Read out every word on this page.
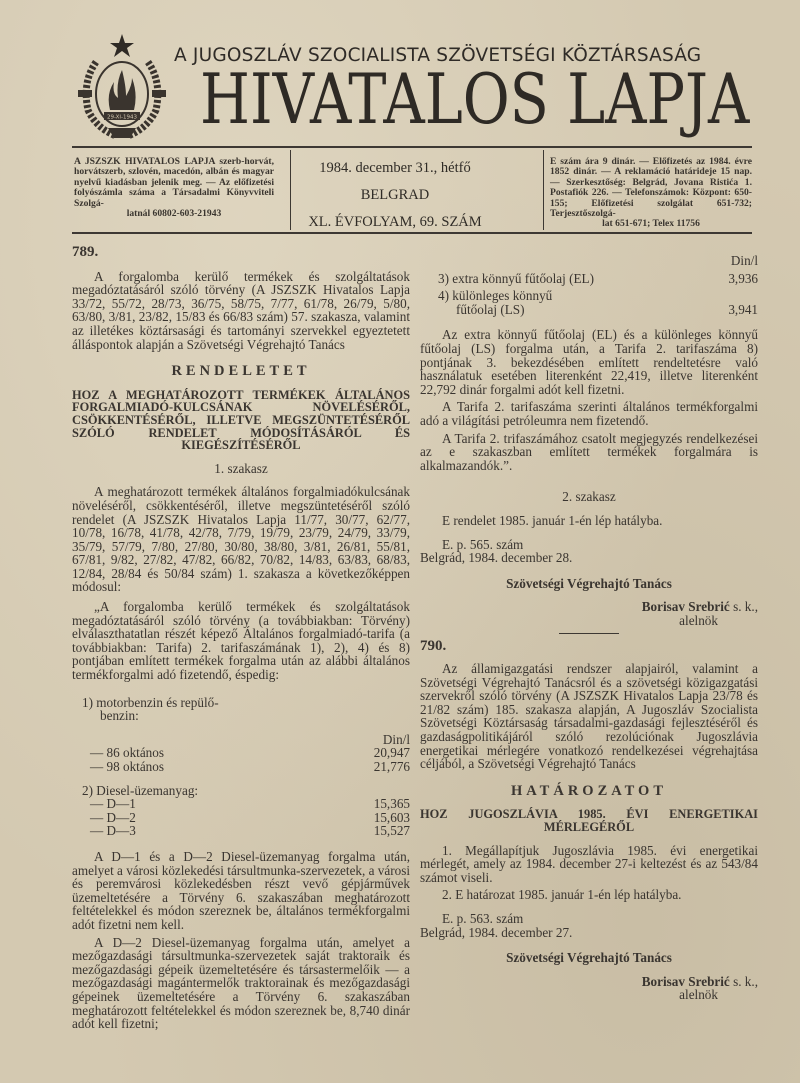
29-XI-1943
A JUGOSZLÁV SZOCIALISTA SZÖVETSÉGI KÖZTÁRSASÁG
HIVATALOS LAPJA
A JSZSZK HIVATALOS LAPJA szerb-horvát, horvátszerb, szlovén, macedón, albán és magyar nyelvű kiadásban jelenik meg. — Az előfizetési folyószámla száma a Társadalmi Könyvviteli Szolgá-
latnál 60802-603-21943
1984. december 31., hétfő
BELGRAD
XL. ÉVFOLYAM, 69. SZÁM
E szám ára 9 dinár. — Előfizetés az 1984. évre 1852 dinár. — A reklamáció határideje 15 nap. — Szerkesztőség: Belgrád, Jovana Ristića 1. Postafiók 226. — Telefonszámok: Központ: 650-155; Előfizetési szolgálat 651-732; Terjesztőszolgá-
lat 651-671; Telex 11756

789.

A forgalomba kerülő termékek és szolgáltatások megadóztatásáról szóló törvény (A JSZSZK Hivatalos Lapja 33/72, 55/72, 28/73, 36/75, 58/75, 7/77, 61/78, 26/79, 5/80, 63/80, 3/81, 23/82, 15/83 és 66/83 szám) 57. szakasza, valamint az illetékes köztársasági és tartományi szervekkel egyeztetett álláspontok alapján a Szövetségi Végrehajtó Tanács

RENDELETET

HOZ A MEGHATÁROZOTT TERMÉKEK ÁLTALÁNOS FORGALMIADÓ-KULCSÁNAK NÖVELÉSÉRŐL, CSÖKKENTÉSÉRŐL, ILLETVE MEGSZÜNTETÉSÉRŐL SZÓLÓ RENDELET MÓDOSÍTÁSÁRÓL ÉS KIEGÉSZÍTÉSÉRŐL

1. szakasz

A meghatározott termékek általános forgalmiadókulcsának növeléséről, csökkentéséről, illetve megszüntetéséről szóló rendelet (A JSZSZK Hivatalos Lapja 11/77, 30/77, 62/77, 10/78, 16/78, 41/78, 42/78, 7/79, 19/79, 23/79, 24/79, 33/79, 35/79, 57/79, 7/80, 27/80, 30/80, 38/80, 3/81, 26/81, 55/81, 67/81, 9/82, 27/82, 47/82, 66/82, 70/82, 14/83, 63/83, 68/83, 12/84, 28/84 és 50/84 szám) 1. szakasza a következőképpen módosul:

„A forgalomba kerülő termékek és szolgáltatások megadóztatásáról szóló törvény (a továbbiakban: Törvény) elválaszthatatlan részét képező Általános forgalmiadó-tarifa (a továbbiakban: Tarifa) 2. tarifaszámának 1), 2), 4) és 8) pontjában említett termékek forgalma után az alábbi általános termékforgalmi adó fizetendő, éspedig:

1) motorbenzin és repülő-
benzin:

Din/l
— 86 oktános	20,947
— 98 oktános	21,776

2) Diesel-üzemanyag:

— D—1	15,365
— D—2	15,603
— D—3	15,527

A D—1 és a D—2 Diesel-üzemanyag forgalma után, amelyet a városi közlekedési társultmunka-szervezetek, a városi és peremvárosi közlekedésben részt vevő gépjárművek üzemeltetésére a Törvény 6. szakaszában meghatározott feltételekkel és módon szereznek be, általános termékforgalmi adót fizetni nem kell.

A D—2 Diesel-üzemanyag forgalma után, amelyet a mezőgazdasági társultmunka-szervezetek saját traktoraik és mezőgazdasági gépeik üzemeltetésére és társastermelőik — a mezőgazdasági magántermelők traktorainak és mezőgazdasági gépeinek üzemeltetésére a Törvény 6. szakaszában meghatározott feltételekkel és módon szereznek be, 8,740 dinár adót kell fizetni;

Din/l
3) extra könnyű fűtőolaj (EL)	3,936
4) különleges könnyű
fűtőolaj (LS)	3,941

Az extra könnyű fűtőolaj (EL) és a különleges könnyű fűtőolaj (LS) forgalma után, a Tarifa 2. tarifaszáma 8) pontjának 3. bekezdésében említett rendeltetésre való használatuk esetében literenként 22,419, illetve literenként 22,792 dinár forgalmi adót kell fizetni.

A Tarifa 2. tarifaszáma szerinti általános termékforgalmi adó a világítási petróleumra nem fizetendő.

A Tarifa 2. trifaszámához csatolt megjegyzés rendelkezései az e szakaszban említett termékek forgalmára is alkalmazandók.”.

2. szakasz

E rendelet 1985. január 1-én lép hatályba.

E. p. 565. szám

Belgrád, 1984. december 28.

Szövetségi Végrehajtó Tanács

Borisav Srebrić s. k.,

alelnök

790.

Az államigazgatási rendszer alapjairól, valamint a Szövetségi Végrehajtó Tanácsról és a szövetségi közigazgatási szervekről szóló törvény (A JSZSZK Hivatalos Lapja 23/78 és 21/82 szám) 185. szakasza alapján, A Jugoszláv Szocialista Szövetségi Köztársaság társadalmi-gazdasági fejlesztéséről és gazdaságpolitikájáról szóló rezolúciónak Jugoszlávia energetikai mérlegére vonatkozó rendelkezései végrehajtása céljából, a Szövetségi Végrehajtó Tanács

HATÁROZATOT

HOZ JUGOSZLÁVIA 1985. ÉVI ENERGETIKAI MÉRLEGÉRŐL

1. Megállapítjuk Jugoszlávia 1985. évi energetikai mérlegét, amely az 1984. december 27-i keltezést és az 543/84 számot viseli.

2. E határozat 1985. január 1-én lép hatályba.

E. p. 563. szám

Belgrád, 1984. december 27.

Szövetségi Végrehajtó Tanács

Borisav Srebrić s. k.,

alelnök
